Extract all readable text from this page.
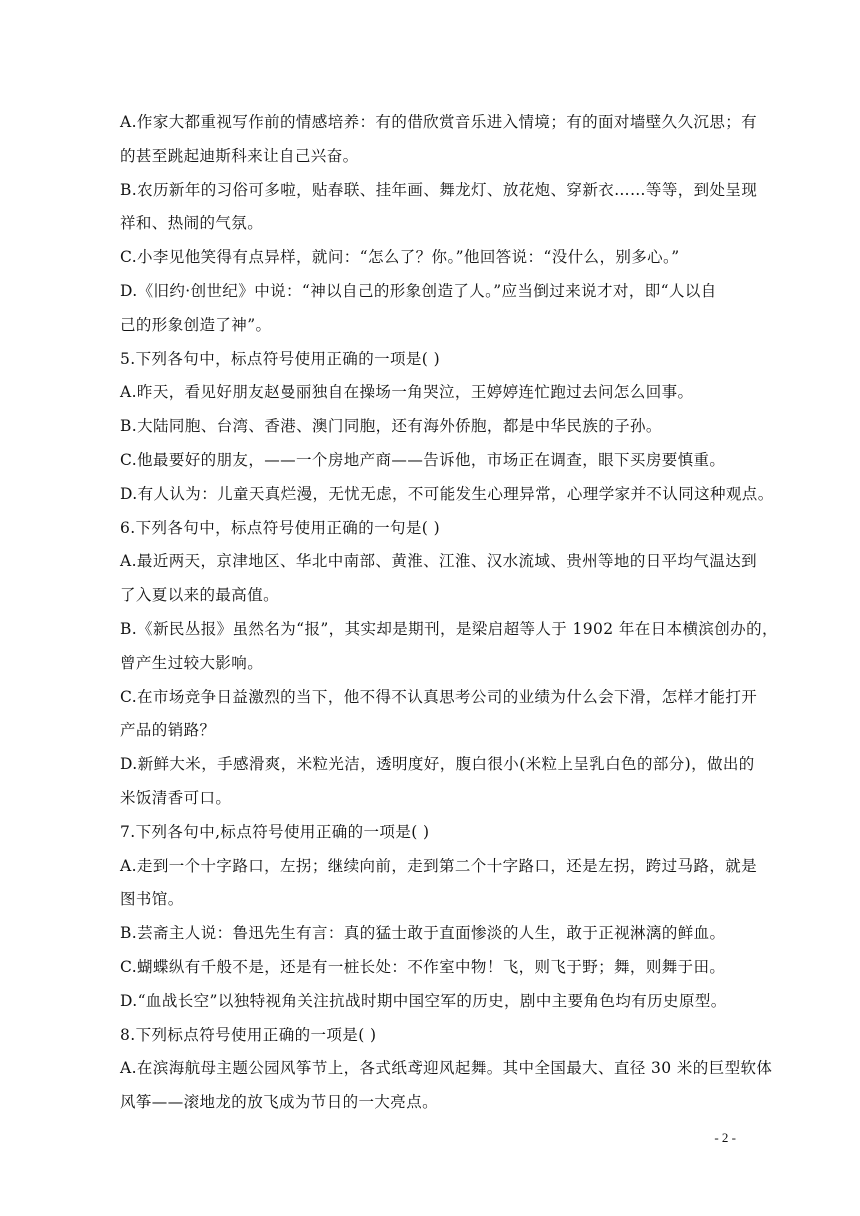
A.作家大都重视写作前的情感培养：有的借欣赏音乐进入情境；有的面对墙壁久久沉思；有
的甚至跳起迪斯科来让自己兴奋。
B.农历新年的习俗可多啦，贴春联、挂年画、舞龙灯、放花炮、穿新衣……等等，到处呈现
祥和、热闹的气氛。
C.小李见他笑得有点异样，就问：“怎么了？你。”他回答说：“没什么，别多心。”
D.《旧约·创世纪》中说：“神以自己的形象创造了人。”应当倒过来说才对，即“人以自
己的形象创造了神”。
5.下列各句中，标点符号使用正确的一项是( )
A.昨天，看见好朋友赵曼丽独自在操场一角哭泣，王婷婷连忙跑过去问怎么回事。
B.大陆同胞、台湾、香港、澳门同胞，还有海外侨胞，都是中华民族的子孙。
C.他最要好的朋友，——一个房地产商——告诉他，市场正在调查，眼下买房要慎重。
D.有人认为：儿童天真烂漫，无忧无虑，不可能发生心理异常，心理学家并不认同这种观点。
6.下列各句中，标点符号使用正确的一句是( )
A.最近两天，京津地区、华北中南部、黄淮、江淮、汉水流域、贵州等地的日平均气温达到
了入夏以来的最高值。
B.《新民丛报》虽然名为“报”，其实却是期刊，是梁启超等人于 1902 年在日本横滨创办的，
曾产生过较大影响。
C.在市场竞争日益激烈的当下，他不得不认真思考公司的业绩为什么会下滑，怎样才能打开
产品的销路？
D.新鲜大米，手感滑爽，米粒光洁，透明度好，腹白很小(米粒上呈乳白色的部分)，做出的
米饭清香可口。
7.下列各句中,标点符号使用正确的一项是( )
A.走到一个十字路口，左拐；继续向前，走到第二个十字路口，还是左拐，跨过马路，就是
图书馆。
B.芸斋主人说：鲁迅先生有言：真的猛士敢于直面惨淡的人生，敢于正视淋漓的鲜血。
C.蝴蝶纵有千般不是，还是有一桩长处：不作室中物！飞，则飞于野；舞，则舞于田。
D.“血战长空”以独特视角关注抗战时期中国空军的历史，剧中主要角色均有历史原型。
8.下列标点符号使用正确的一项是( )
A.在滨海航母主题公园风筝节上，各式纸鸢迎风起舞。其中全国最大、直径 30 米的巨型软体
风筝——滚地龙的放飞成为节日的一大亮点。
- 2 -
